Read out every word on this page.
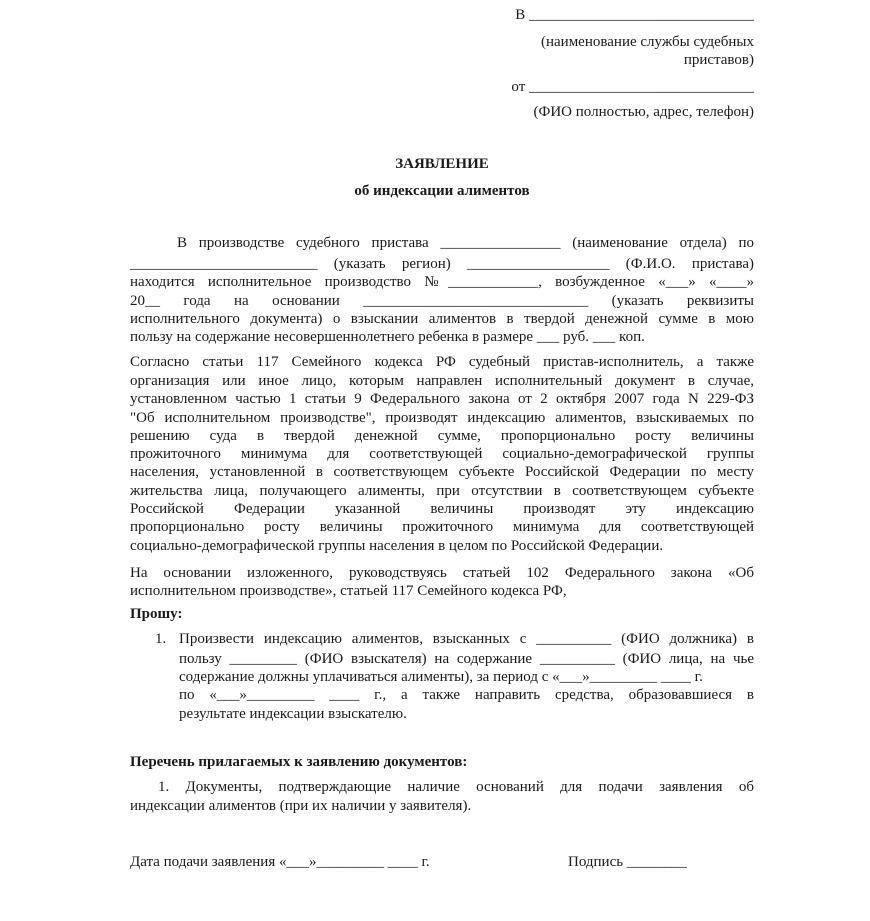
В ______________________________
(наименование службы судебных
приставов)
от ______________________________
(ФИО полностью, адрес, телефон)
ЗАЯВЛЕНИЕ
об индексации алиментов
В производстве судебного пристава ________________ (наименование отдела) по
_________________________ (указать регион) ___________________ (Ф.И.О. пристава)
находится исполнительное производство №____________, возбужденное «___» «____»
20__ года на основании ______________________________ (указать реквизиты
исполнительного документа) о взыскании алиментов в твердой денежной сумме в мою
пользу на содержание несовершеннолетнего ребенка в размере ___ руб. ___ коп.
Согласно статьи 117 Семейного кодекса РФ судебный пристав-исполнитель, а также
организация или иное лицо, которым направлен исполнительный документ в случае,
установленном частью 1 статьи 9 Федерального закона от 2 октября 2007 года N 229-ФЗ
"Об исполнительном производстве", производят индексацию алиментов, взыскиваемых по
решению суда в твердой денежной сумме, пропорционально росту величины
прожиточного минимума для соответствующей социально-демографической группы
населения, установленной в соответствующем субъекте Российской Федерации по месту
жительства лица, получающего алименты, при отсутствии в соответствующем субъекте
Российской Федерации указанной величины производят эту индексацию
пропорционально росту величины прожиточного минимума для соответствующей
социально-демографической группы населения в целом по Российской Федерации.
На основании изложенного, руководствуясь статьей 102 Федерального закона «Об
исполнительном производстве», статьей 117 Семейного кодекса РФ,
Прошу:
1. Произвести индексацию алиментов, взысканных с __________ (ФИО должника) в
пользу _________ (ФИО взыскателя) на содержание __________ (ФИО лица, на чье
содержание должны уплачиваться алименты), за период с «___»_________ ____ г.
по «___»_________ ____ г., а также направить средства, образовавшиеся в
результате индексации взыскателю.
Перечень прилагаемых к заявлению документов:
1. Документы, подтверждающие наличие оснований для подачи заявления об
индексации алиментов (при их наличии у заявителя).
Дата подачи заявления «___»_________ ____ г.	Подпись ________
